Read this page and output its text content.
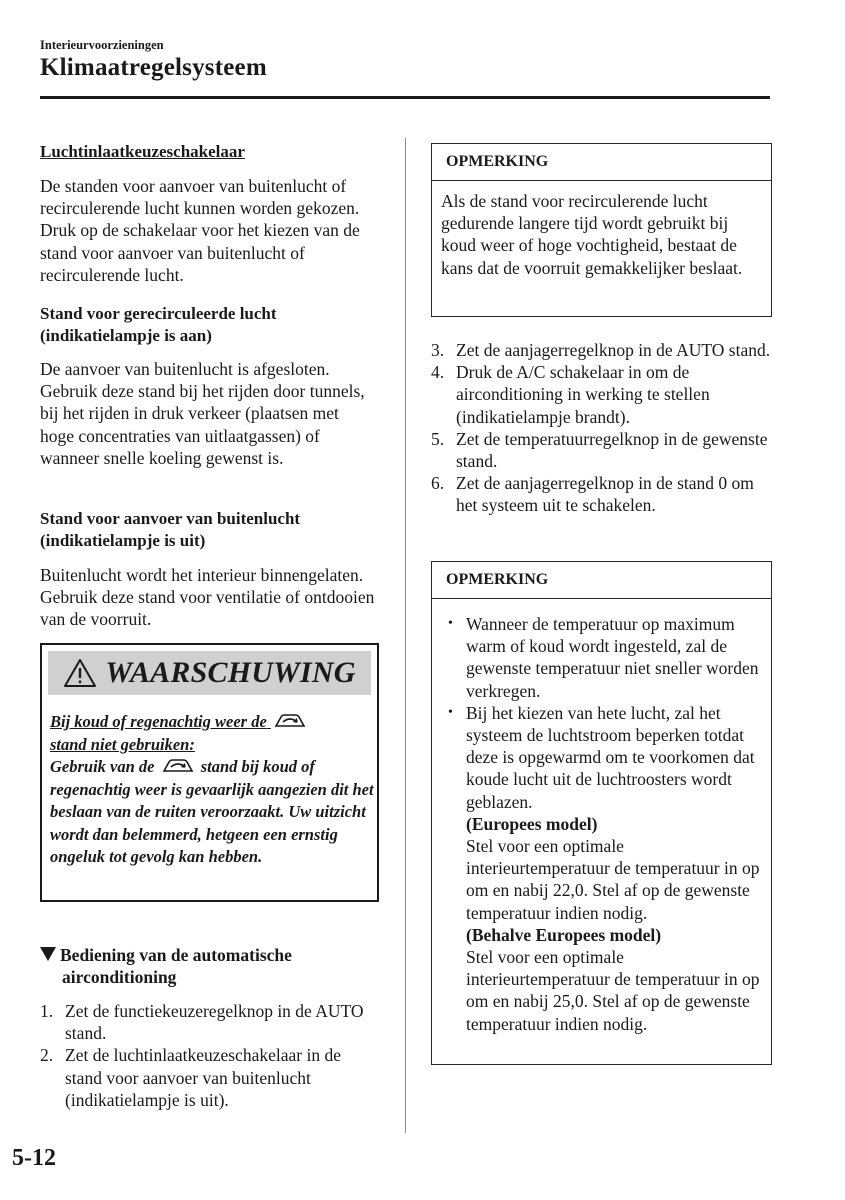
Interieurvoorzieningen
Klimaatregelsysteem
Luchtinlaatkeuzeschakelaar

De standen voor aanvoer van buitenlucht of recirculerende lucht kunnen worden gekozen. Druk op de schakelaar voor het kiezen van de stand voor aanvoer van buitenlucht of recirculerende lucht.

Stand voor gerecirculeerde lucht
(indikatielampje is aan)

De aanvoer van buitenlucht is afgesloten. Gebruik deze stand bij het rijden door tunnels, bij het rijden in druk verkeer (plaatsen met hoge concentraties van uitlaatgassen) of wanneer snelle koeling gewenst is.

Stand voor aanvoer van buitenlucht
(indikatielampje is uit)

Buitenlucht wordt het interieur binnengelaten. Gebruik deze stand voor ventilatie of ontdooien van de voorruit.

WAARSCHUWING
Bij koud of regenachtig weer de
stand niet gebruiken:
Gebruik van de	stand bij koud of regenachtig weer is gevaarlijk aangezien dit het beslaan van de ruiten veroorzaakt. Uw uitzicht wordt dan belemmerd, hetgeen een ernstig ongeluk tot gevolg kan hebben.
Bediening van de automatische
airconditioning
1. Zet de functiekeuzeregelknop in de AUTO stand.
2. Zet de luchtinlaatkeuzeschakelaar in de stand voor aanvoer van buitenlucht (indikatielampje is uit).
OPMERKING
Als de stand voor recirculerende lucht gedurende langere tijd wordt gebruikt bij koud weer of hoge vochtigheid, bestaat de kans dat de voorruit gemakkelijker beslaat.
3. Zet de aanjagerregelknop in de AUTO stand.
4. Druk de A/C schakelaar in om de airconditioning in werking te stellen (indikatielampje brandt).
5. Zet de temperatuurregelknop in de gewenste stand.
6. Zet de aanjagerregelknop in de stand 0 om het systeem uit te schakelen.
OPMERKING
• Wanneer de temperatuur op maximum warm of koud wordt ingesteld, zal de gewenste temperatuur niet sneller worden verkregen.
• Bij het kiezen van hete lucht, zal het systeem de luchtstroom beperken totdat deze is opgewarmd om te voorkomen dat koude lucht uit de luchtroosters wordt geblazen.
(Europees model)
Stel voor een optimale interieurtemperatuur de temperatuur in op om en nabij 22,0. Stel af op de gewenste temperatuur indien nodig.
(Behalve Europees model)
Stel voor een optimale interieurtemperatuur de temperatuur in op om en nabij 25,0. Stel af op de gewenste temperatuur indien nodig.
5-12
